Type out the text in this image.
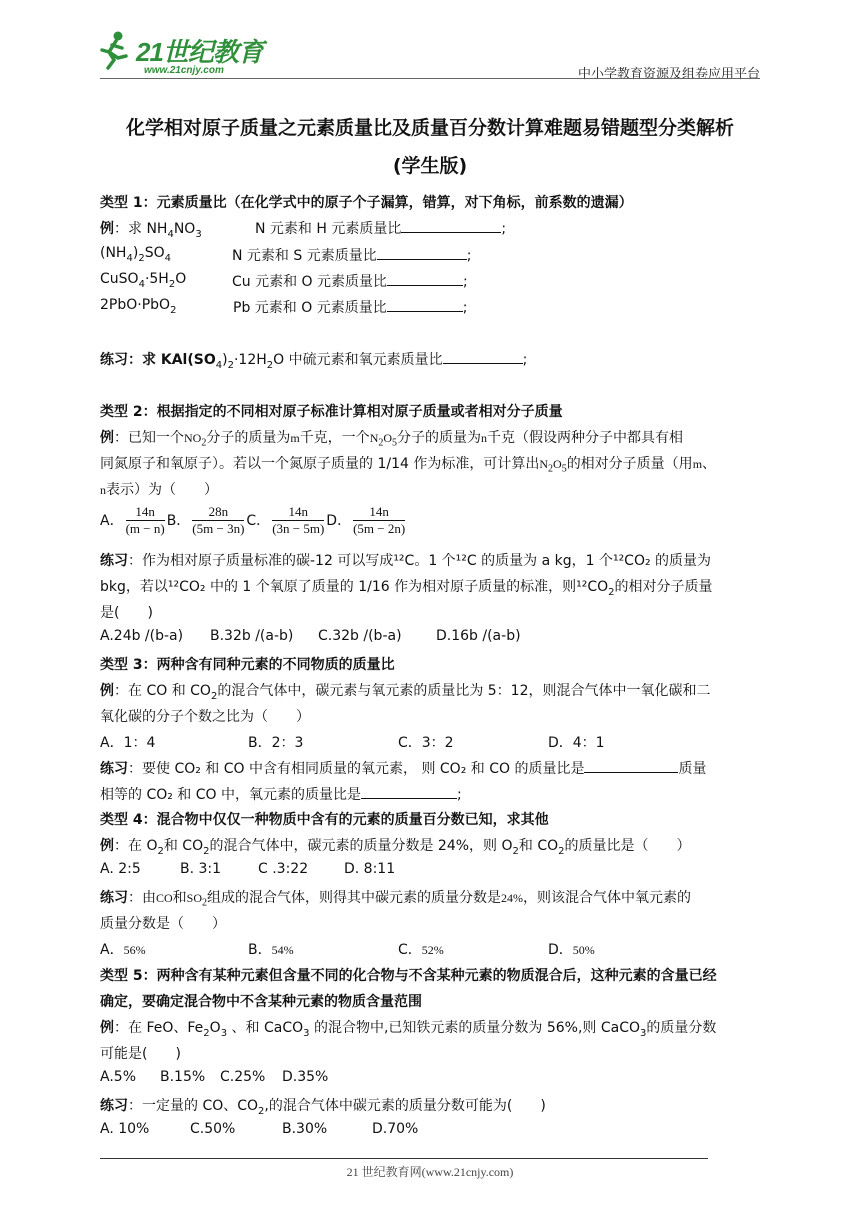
21世纪教育
www.21cnjy.com	中小学教育资源及组卷应用平台
化学相对原子质量之元素质量比及质量百分数计算难题易错题型分类解析
(学生版)
类型 1：元素质量比（在化学式中的原子个子漏算，错算，对下角标，前系数的遗漏）
例：求 $NH_4NO_3$	N 元素和 H 元素质量比	;
$(NH_4)_2SO_4$	N 元素和 S 元素质量比	;
$CuSO_4\cdot 5H_2O$	Cu 元素和 O 元素质量比	;
2PbO·PbO$_2$	Pb 元素和 O 元素质量比	;
练习：求 $KAl(SO_4)_2\cdot 12H_2O$ 中硫元素和氧元素质量比	;
类型 2：根据指定的不同相对原子标准计算相对原子质量或者相对分子质量
例：已知一个$NO_2$分子的质量为m千克，一个$N_2O_5$分子的质量为n千克（假设两种分子中都具有相
同氮原子和氧原子）。若以一个氮原子质量的 1/14 作为标准，可计算出$N_2O_5$的相对分子质量（用m、
n表示）为（　　）
A． $\frac{14n}{(m - n)}$ B． $\frac{28n}{(5m - 3n)}$ C． $\frac{14n}{(3n - 5m)}$ D． $\frac{14n}{(5m - 2n)}$
练习：作为相对原子质量标准的碳-12 可以写成¹²C。1 个¹²C 的质量为 a kg，1 个¹²CO₂ 的质量为
bkg，若以¹²CO₂ 中的 1 个氧原了质量的 1/16 作为相对原子质量的标准，则$^{12}CO_2$的相对分子质量
是(　　)
A.24b /(b-a) B.32b /(a-b) C.32b /(b-a) D.16b /(a-b)
类型 3：两种含有同种元素的不同物质的质量比
例：在 CO 和 $CO_2$的混合气体中，碳元素与氧元素的质量比为 5：12，则混合气体中一氧化碳和二
氧化碳的分子个数之比为（　　）
A．1：4	B．2：3	C．3：2	D．4：1
练习：要使 CO₂ 和 CO 中含有相同质量的氧元素， 则 CO₂ 和 CO 的质量比是	质量
相等的 CO₂ 和 CO 中，氧元素的质量比是	;
类型 4：混合物中仅仅一种物质中含有的元素的质量百分数已知，求其他
例：在 $O_2$和 $CO_2$的混合气体中，碳元素的质量分数是 24%，则 $O_2$和 $CO_2$的质量比是（　　）
A. 2:5	B. 3:1	C .3:22	D. 8:11
练习：由CO和$SO_2$组成的混合气体，则得其中碳元素的质量分数是24%，则该混合气体中氧元素的
质量分数是（　　）
A．56%	B．54%	C．52%	D．50%
类型 5：两种含有某种元素但含量不同的化合物与不含某种元素的物质混合后，这种元素的含量已经
确定，要确定混合物中不含某种元素的物质含量范围
例：在 FeO、$Fe_2O_3$ 、和 CaCO$_3$ 的混合物中,已知铁元素的质量分数为 56%,则 CaCO$_3$的质量分数
可能是(　　)
A.5% B.15% C.25% D.35%
练习：一定量的 CO、$CO_2$,的混合气体中碳元素的质量分数可能为(　　)
A. 10%	C.50%	B.30%	D.70%
21 世纪教育网(www.21cnjy.com)
